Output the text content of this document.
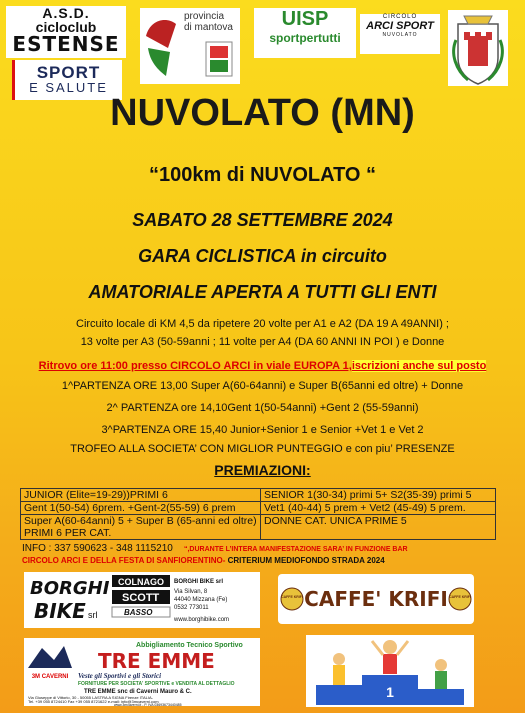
A.S.D.
cicloclub
ESTENSE
SPORT
E SALUTE
provincia
di mantova	UISP
sportpertutti
CIRCOLO
ARCI SPORT
NUVOLATO
NUVOLATO (MN)
“100km di NUVOLATO “
SABATO 28 SETTEMBRE 2024
GARA CICLISTICA in circuito
AMATORIALE APERTA A TUTTI GLI ENTI
Circuito locale di KM 4,5 da ripetere 20 volte per A1 e A2 (DA 19 A 49ANNI) ;
13 volte per A3 (50-59anni ; 11 volte per A4 (DA 60 ANNI IN POI ) e Donne
Ritrovo ore 11:00 presso CIRCOLO ARCI in viale EUROPA 1,iscrizioni anche sul posto
1^PARTENZA ORE 13,00 Super A(60-64anni) e Super B(65anni ed oltre) + Donne
2^ PARTENZA ore 14,10Gent 1(50-54anni) +Gent 2 (55-59anni)
3^PARTENZA ORE 15,40 Junior+Senior 1 e Senior +Vet 1 e Vet 2
TROFEO ALLA SOCIETA’ CON MIGLIOR PUNTEGGIO e con piu’ PRESENZE
PREMIAZIONI:
JUNIOR (Elite=19-29))PRIMI 6	SENIOR 1(30-34) primi 5+ S2(35-39) primi 5
Gent 1(50-54) 6prem. +Gent-2(55-59) 6 prem	Vet1 (40-44) 5 prem + Vet2 (45-49) 5 prem.
Super A(60-64anni) 5 + Super B (65-anni ed oltre) PRIMI 6 PER CAT.	DONNE CAT. UNICA PRIME 5
INFO : 337 590623 - 348 1115210 “,DURANTE L’INTERA MANIFESTAZIONE SARA’ IN FUNZIONE BAR
CIRCOLO ARCI E DELLA FESTA DI SANFIORENTINO- CRITERIUM MEDIOFONDO STRADA 2024
BORGHI
BIKE srl
COLNAGO
SCOTT
BASSO
BORGHI BIKE srl
Via Silvan, 8
44040 Mizzana (Fe)
0532 773011
www.borghibike.com
CAFFE KRIFI	CAFFE KRIFI
CAFFE' KRIFI
Abbigliamento Tecnico Sportivo
3M CAVERNI
TRE EMME
Veste gli Sportivi e gli Storici
FORNITURE PER SOCIETA' SPORTIVE e VENDITA AL DETTAGLIO
TRE EMME snc di Caverni Mauro & C.
Via Giuseppe di Vittorio, 30 - 50055 LASTRA A SIGNA Firenze ITALIA-
Tel. +39 055 8724410 Fax +39 055 8721622 e-mail: info@3mcaverni.com
www.3mcaverni.it - P. IVA 03693673440485
1
